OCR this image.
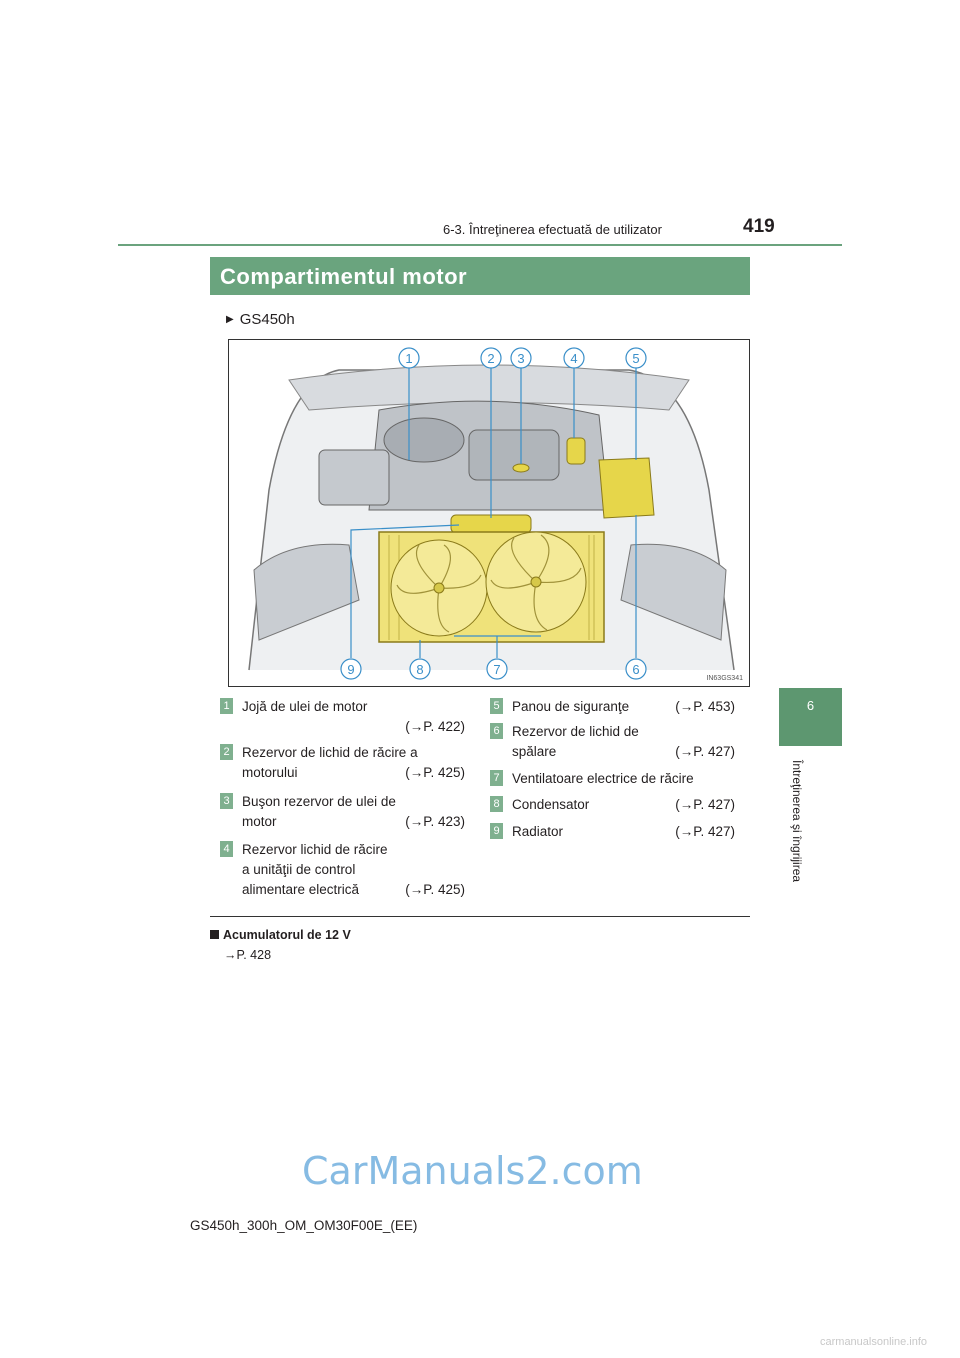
6-3. Întreţinerea efectuată de utilizator	419
6
Întreţinerea şi îngrijirea
Compartimentul motor
▶ GS450h
1	2 3	4	5
9	8	7	6
IN63GS341
1 Jojă de ulei de motor
(→P. 422)
2 Rezervor de lichid de răcire a motorului	(→P. 425)
3 Buşon rezervor de ulei de motor	(→P. 423)
4 Rezervor lichid de răcire a unităţii de control alimentare electrică	(→P. 425)
5 Panou de siguranţe	(→P. 453)
6 Rezervor de lichid de spălare	(→P. 427)
7 Ventilatoare electrice de răcire
8 Condensator	(→P. 427)
9 Radiator	(→P. 427)
Acumulatorul de 12 V
→P. 428
CarManuals2.com
GS450h_300h_OM_OM30F00E_(EE)
carmanualsonline.info
